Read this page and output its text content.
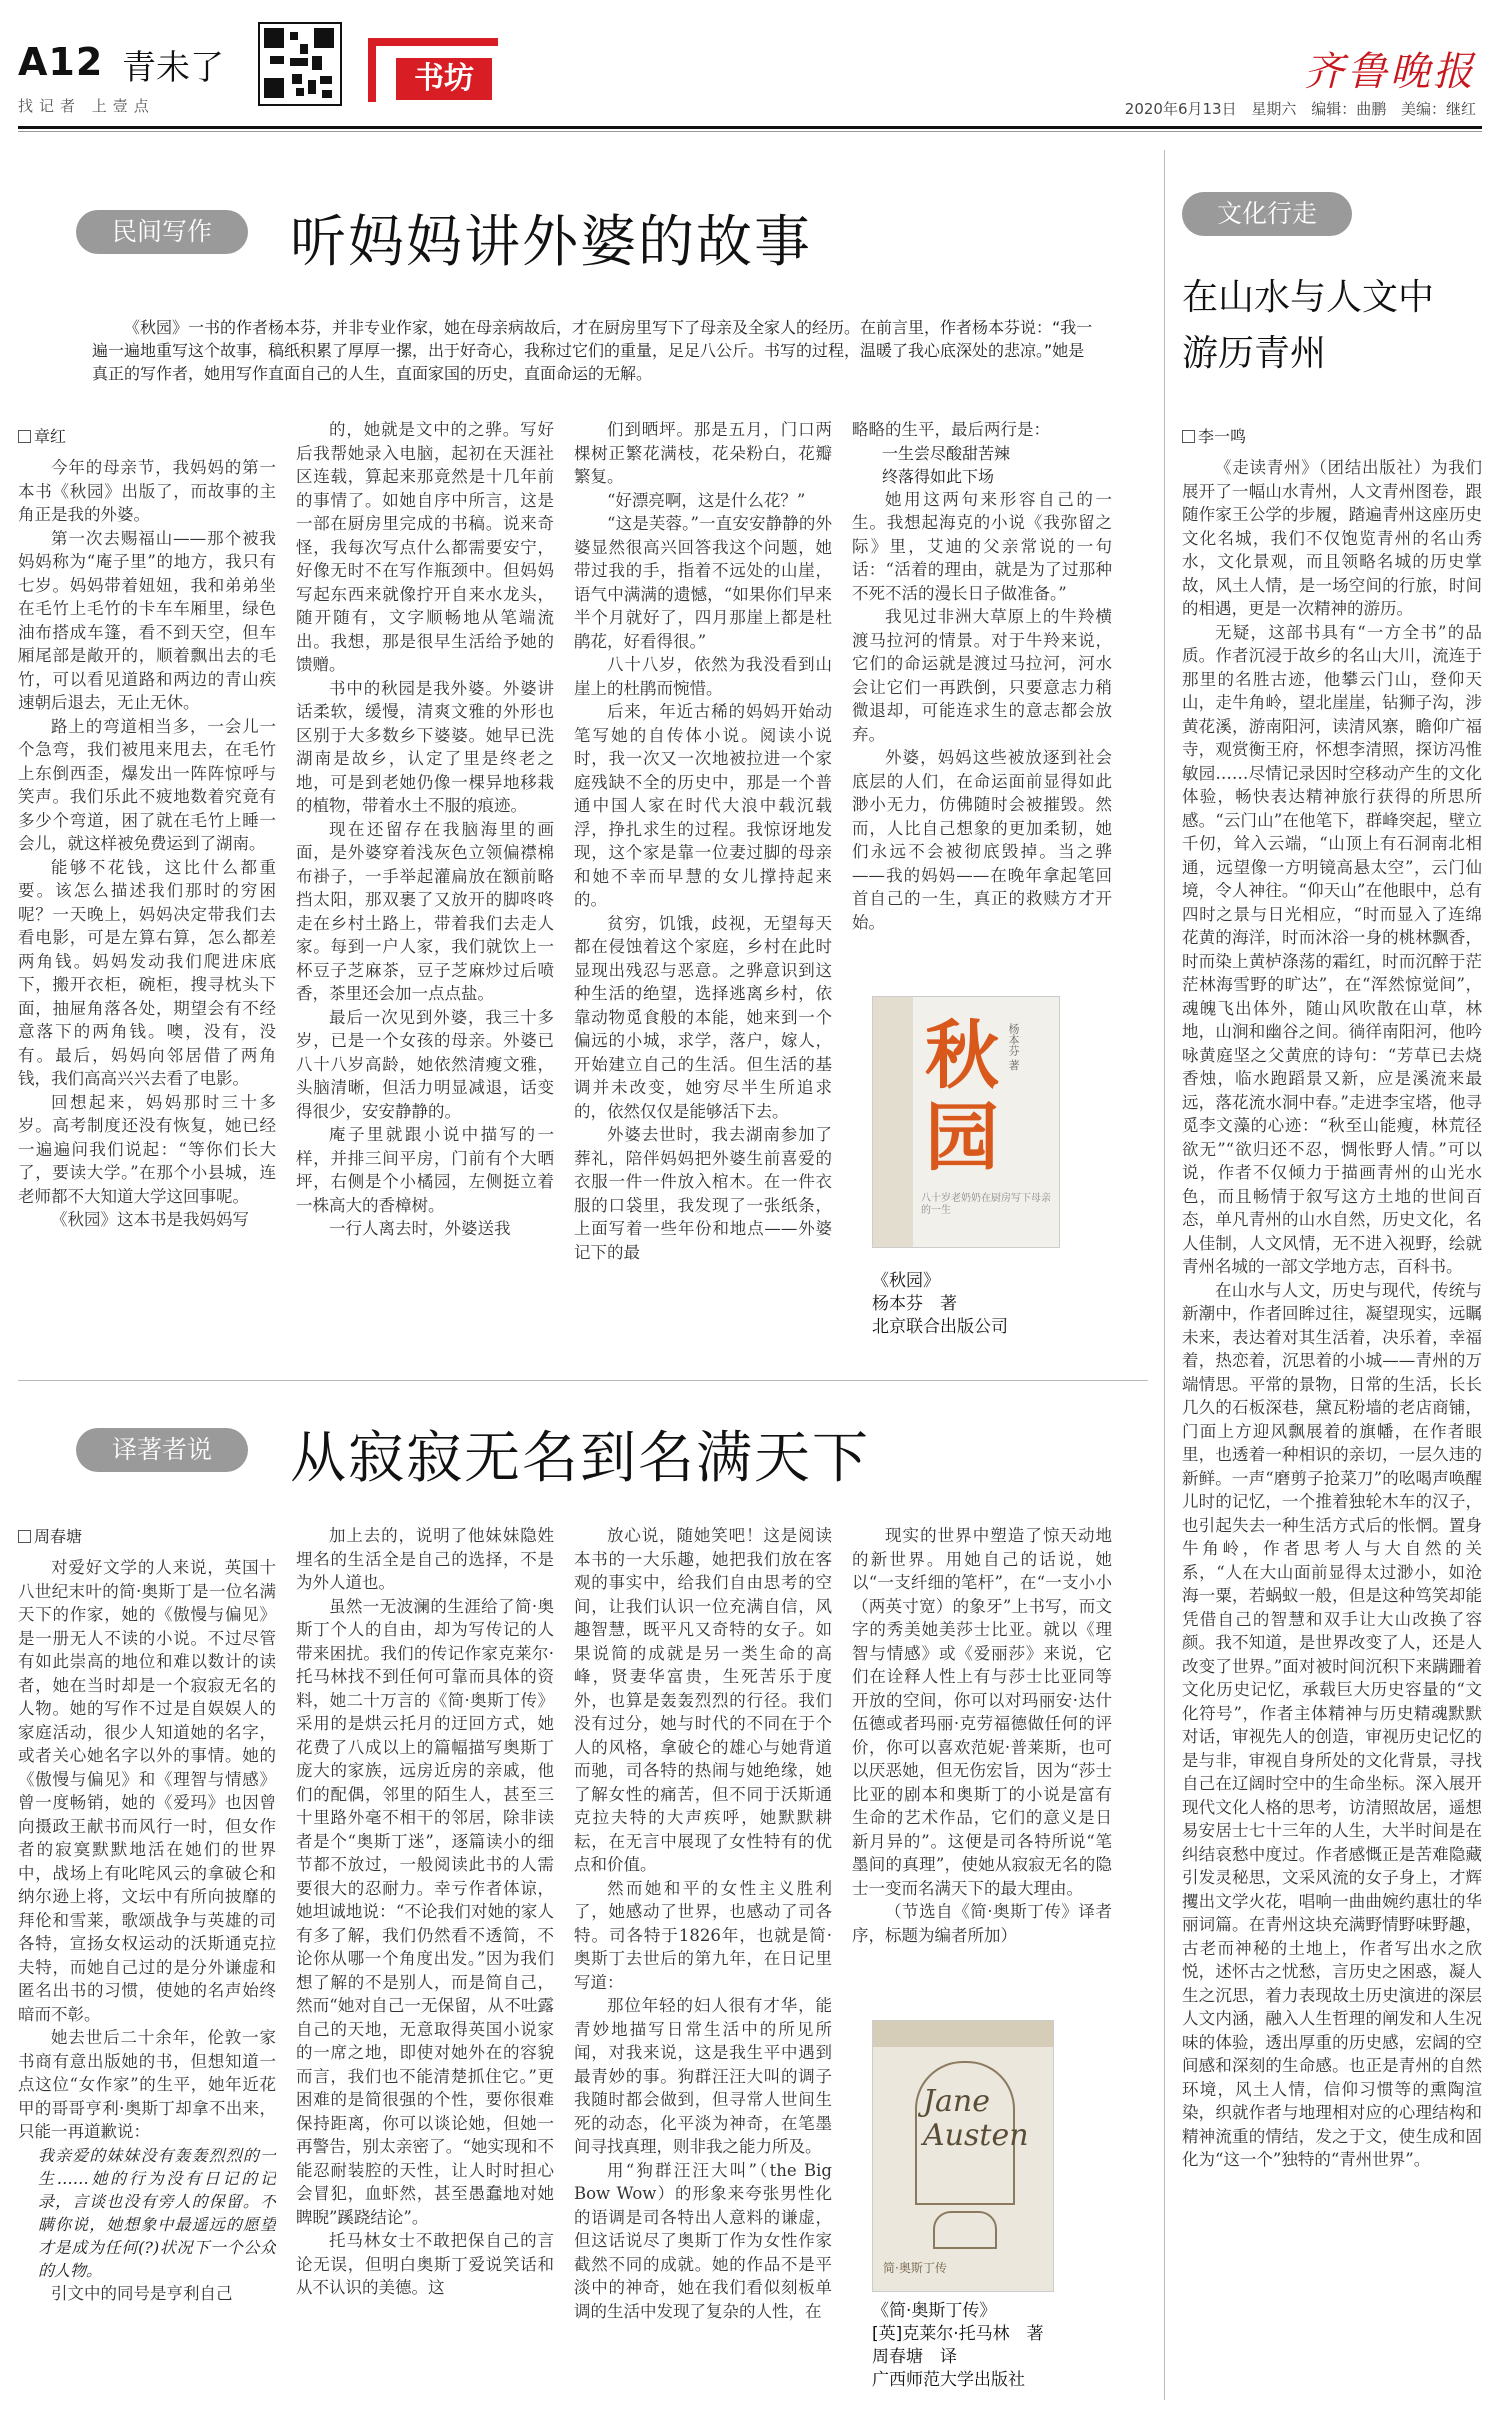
A12 青未了	书坊	齐鲁晚报
找记者 上壹点	2020年6月13日 星期六 编辑：曲鹏 美编：继红
民间写作	听妈妈讲外婆的故事
《秋园》一书的作者杨本芬，并非专业作家，她在母亲病故后，才在厨房里写下了母亲及全家人的经历。在前言里，作者杨本芬说：“我一遍一遍地重写这个故事，稿纸积累了厚厚一摞，出于好奇心，我称过它们的重量，足足八公斤。书写的过程，温暖了我心底深处的悲凉。”她是真正的写作者，她用写作直面自己的人生，直面家国的历史，直面命运的无解。
章红

今年的母亲节，我妈妈的第一本书《秋园》出版了，而故事的主角正是我的外婆。

第一次去赐福山——那个被我妈妈称为“庵子里”的地方，我只有七岁。妈妈带着妞妞，我和弟弟坐在毛竹上毛竹的卡车车厢里，绿色油布搭成车篷，看不到天空，但车厢尾部是敞开的，顺着飘出去的毛竹，可以看见道路和两边的青山疾速朝后退去，无止无休。

路上的弯道相当多，一会儿一个急弯，我们被甩来甩去，在毛竹上东倒西歪，爆发出一阵阵惊呼与笑声。我们乐此不疲地数着究竟有多少个弯道，困了就在毛竹上睡一会儿，就这样被免费运到了湖南。

能够不花钱，这比什么都重要。该怎么描述我们那时的穷困呢？一天晚上，妈妈决定带我们去看电影，可是左算右算，怎么都差两角钱。妈妈发动我们爬进床底下，搬开衣柜，碗柜，搜寻枕头下面，抽屉角落各处，期望会有不经意落下的两角钱。噢，没有，没有。最后，妈妈向邻居借了两角钱，我们高高兴兴去看了电影。

回想起来，妈妈那时三十多岁。高考制度还没有恢复，她已经一遍遍问我们说起：“等你们长大了，要读大学。”在那个小县城，连老师都不大知道大学这回事呢。

《秋园》这本书是我妈妈写

的，她就是文中的之骅。写好后我帮她录入电脑，起初在天涯社区连载，算起来那竟然是十几年前的事情了。如她自序中所言，这是一部在厨房里完成的书稿。说来奇怪，我每次写点什么都需要安宁，好像无时不在写作瓶颈中。但妈妈写起东西来就像拧开自来水龙头，随开随有，文字顺畅地从笔端流出。我想，那是很早生活给予她的馈赠。

书中的秋园是我外婆。外婆讲话柔软，缓慢，清爽文雅的外形也区别于大多数乡下婆婆。她早已洗湖南是故乡，认定了里是终老之地，可是到老她仍像一棵异地移栽的植物，带着水土不服的痕迹。

现在还留存在我脑海里的画面，是外婆穿着浅灰色立领偏襟棉布褂子，一手举起灌扁放在额前略挡太阳，那双裹了又放开的脚咚咚走在乡村土路上，带着我们去走人家。每到一户人家，我们就饮上一杯豆子芝麻茶，豆子芝麻炒过后喷香，茶里还会加一点点盐。

最后一次见到外婆，我三十多岁，已是一个女孩的母亲。外婆已八十八岁高龄，她依然清瘦文雅，头脑清晰，但活力明显减退，话变得很少，安安静静的。

庵子里就跟小说中描写的一样，并排三间平房，门前有个大晒坪，右侧是个小橘园，左侧挺立着一株高大的香樟树。

一行人离去时，外婆送我

们到晒坪。那是五月，门口两棵树正繁花满枝，花朵粉白，花瓣繁复。

“好漂亮啊，这是什么花？”

“这是芙蓉。”一直安安静静的外婆显然很高兴回答我这个问题，她带过我的手，指着不远处的山崖，语气中满满的遗憾，“如果你们早来半个月就好了，四月那崖上都是杜鹃花，好看得很。”

八十八岁，依然为我没看到山崖上的杜鹃而惋惜。

后来，年近古稀的妈妈开始动笔写她的自传体小说。阅读小说时，我一次又一次地被拉进一个家庭残缺不全的历史中，那是一个普通中国人家在时代大浪中载沉载浮，挣扎求生的过程。我惊讶地发现，这个家是靠一位妻过脚的母亲和她不幸而早慧的女儿撑持起来的。

贫穷，饥饿，歧视，无望每天都在侵蚀着这个家庭，乡村在此时显现出残忍与恶意。之骅意识到这种生活的绝望，选择逃离乡村，依靠动物觅食般的本能，她来到一个偏远的小城，求学，落户，嫁人，开始建立自己的生活。但生活的基调并未改变，她穷尽半生所追求的，依然仅仅是能够活下去。

外婆去世时，我去湖南参加了葬礼，陪伴妈妈把外婆生前喜爱的衣服一件一件放入棺木。在一件衣服的口袋里，我发现了一张纸条，上面写着一些年份和地点——外婆记下的最

略略的生平，最后两行是：

一生尝尽酸甜苦辣
终落得如此下场

她用这两句来形容自己的一生。我想起海克的小说《我弥留之际》里，艾迪的父亲常说的一句话：“活着的理由，就是为了过那种不死不活的漫长日子做准备。”

我见过非洲大草原上的牛羚横渡马拉河的情景。对于牛羚来说，它们的命运就是渡过马拉河，河水会让它们一再跌倒，只要意志力稍微退却，可能连求生的意志都会放弃。

外婆，妈妈这些被放逐到社会底层的人们，在命运面前显得如此渺小无力，仿佛随时会被摧毁。然而，人比自己想象的更加柔韧，她们永远不会被彻底毁掉。当之骅——我的妈妈——在晚年拿起笔回首自己的一生，真正的救赎方才开始。

秋园
杨本芬 著
八十岁老奶奶在厨房写下母亲的一生
《秋园》
杨本芬　著
北京联合出版公司
译著者说	从寂寂无名到名满天下
周春塘

对爱好文学的人来说，英国十八世纪末叶的简·奥斯丁是一位名满天下的作家，她的《傲慢与偏见》是一册无人不读的小说。不过尽管有如此崇高的地位和难以数计的读者，她在当时却是一个寂寂无名的人物。她的写作不过是自娱娱人的家庭活动，很少人知道她的名字，或者关心她名字以外的事情。她的《傲慢与偏见》和《理智与情感》曾一度畅销，她的《爱玛》也因曾向摄政王献书而风行一时，但女作者的寂寞默默地活在她们的世界中，战场上有叱咤风云的拿破仑和纳尔逊上将，文坛中有所向披靡的拜伦和雪莱，歌颂战争与英雄的司各特，宣扬女权运动的沃斯通克拉夫特，而她自己过的是分外谦虚和匿名出书的习惯，使她的名声始终暗而不彰。

她去世后二十余年，伦敦一家书商有意出版她的书，但想知道一点这位“女作家”的生平，她年近花甲的哥哥亨利·奥斯丁却拿不出来，只能一再道歉说：

我亲爱的妹妹没有轰轰烈烈的一生……她的行为没有日记的记录，言谈也没有旁人的保留。不瞒你说，她想象中最遥远的愿望才是成为任何(?)状况下一个公众的人物。

引文中的同号是亨利自己

加上去的，说明了他妹妹隐姓埋名的生活全是自己的选择，不是为外人道也。

虽然一无波澜的生涯给了简·奥斯丁个人的自由，却为写传记的人带来困扰。我们的传记作家克莱尔·托马林找不到任何可靠而具体的资料，她二十万言的《简·奥斯丁传》采用的是烘云托月的迂回方式，她花费了八成以上的篇幅描写奥斯丁庞大的家族，远房近房的亲戚，他们的配偶，邻里的陌生人，甚至三十里路外毫不相干的邻居，除非读者是个“奥斯丁迷”，逐篇读小的细节都不放过，一般阅读此书的人需要很大的忍耐力。幸亏作者体谅，她坦诚地说：“不论我们对她的家人有多了解，我们仍然看不透简，不论你从哪一个角度出发。”因为我们想了解的不是别人，而是简自己，然而“她对自己一无保留，从不吐露自己的天地，无意取得英国小说家的一席之地，即使对她外在的容貌而言，我们也不能清楚抓住它。”更困难的是简很强的个性，要你很难保持距离，你可以谈论她，但她一再警告，别太亲密了。“她实现和不能忍耐装腔的天性，让人时时担心会冒犯，血虾然，甚至愚蠢地对她睥睨”蹊跷结论”。

托马林女士不敢把保自己的言论无误，但明白奥斯丁爱说笑话和从不认识的美德。这

放心说，随她笑吧！这是阅读本书的一大乐趣，她把我们放在客观的事实中，给我们自由思考的空间，让我们认识一位充满自信，风趣智慧，既平凡又奇特的女子。如果说简的成就是另一类生命的高峰，贤妻华富贵，生死苦乐于度外，也算是轰轰烈烈的行径。我们没有过分，她与时代的不同在于个人的风格，拿破仑的雄心与她背道而驰，司各特的热闹与她绝缘，她了解女性的痛苦，但不同于沃斯通克拉夫特的大声疾呼，她默默耕耘，在无言中展现了女性特有的优点和价值。

然而她和平的女性主义胜利了，她感动了世界，也感动了司各特。司各特于1826年，也就是简·奥斯丁去世后的第九年，在日记里写道：

那位年轻的妇人很有才华，能青妙地描写日常生活中的所见所闻，对我来说，这是我生平中遇到最青妙的事。狗群汪汪大叫的调子我随时都会做到，但寻常人世间生死的动态，化平淡为神奇，在笔墨间寻找真理，则非我之能力所及。

用“狗群汪汪大叫”（the Big Bow Wow）的形象来夸张男性化的语调是司各特出人意料的谦虚，但这话说尽了奥斯丁作为女性作家截然不同的成就。她的作品不是平淡中的神奇，她在我们看似刻板单调的生活中发现了复杂的人性，在

现实的世界中塑造了惊天动地的新世界。用她自己的话说，她以“一支纤细的笔杆”，在“一支小小（两英寸宽）的象牙”上书写，而文字的秀美她美莎士比亚。就以《理智与情感》或《爱丽莎》来说，它们在诠释人性上有与莎士比亚同等开放的空间，你可以对玛丽安·达什伍德或者玛丽·克劳福德做任何的评价，你可以喜欢范妮·普莱斯，也可以厌恶她，但无伤宏旨，因为“莎士比亚的剧本和奥斯丁的小说是富有生命的艺术作品，它们的意义是日新月异的”。这便是司各特所说“笔墨间的真理”，使她从寂寂无名的隐士一变而名满天下的最大理由。

（节选自《简·奥斯丁传》译者序，标题为编者所加）

Jane Austen
简·奥斯丁传
《简·奥斯丁传》
[英]克莱尔·托马林　著
周春塘　译
广西师范大学出版社
文化行走
在山水与人文中
游历青州
李一鸣

《走读青州》（团结出版社）为我们展开了一幅山水青州，人文青州图卷，跟随作家王公学的步履，踏遍青州这座历史文化名城，我们不仅饱览青州的名山秀水，文化景观，而且领略名城的历史掌故，风土人情，是一场空间的行旅，时间的相遇，更是一次精神的游历。

无疑，这部书具有“一方全书”的品质。作者沉浸于故乡的名山大川，流连于那里的名胜古迹，他攀云门山，登仰天山，走牛角岭，望北崖崖，钻狮子沟，涉黄花溪，游南阳河，读清风寨，瞻仰广福寺，观赏衡王府，怀想李清照，探访冯惟敏园……尽情记录因时空移动产生的文化体验，畅快表达精神旅行获得的所思所感。“云门山”在他笔下，群峰突起，壁立千仞，耸入云端，“山顶上有石洞南北相通，远望像一方明镜高悬太空”，云门仙境，令人神往。“仰天山”在他眼中，总有四时之景与日光相应，“时而显入了连绵花黄的海洋，时而沐浴一身的桃林飘香，时而染上黄栌涤荡的霜红，时而沉醉于茫茫林海雪野的旷达”，在“浑然惊觉间”，魂魄飞出体外，随山风吹散在山草，林地，山涧和幽谷之间。徜徉南阳河，他吟咏黄庭坚之父黄庶的诗句：“芳草已去烧香烛，临水跑蹈景又新，应是溪流来最远，落花流水洞中春。”走进李宝塔，他寻觅李文藻的心迹：“秋至山能瘦，林荒径欲无”“欲归还不忍，惆怅野人情。”可以说，作者不仅倾力于描画青州的山光水色，而且畅情于叙写这方土地的世间百态，单凡青州的山水自然，历史文化，名人佳制，人文风情，无不进入视野，绘就青州名城的一部文学地方志，百科书。

在山水与人文，历史与现代，传统与新潮中，作者回眸过往，凝望现实，远瞩未来，表达着对其生活着，决乐着，幸福着，热恋着，沉思着的小城——青州的万端情思。平常的景物，日常的生活，长长几久的石板深巷，黛瓦粉墙的老店商铺，门面上方迎风飘展着的旗幡，在作者眼里，也透着一种相识的亲切，一层久违的新鲜。一声“磨剪子抢菜刀”的吆喝声唤醒儿时的记忆，一个推着独轮木车的汉子，也引起失去一种生活方式后的怅惘。置身牛角岭，作者思考人与大自然的关系，“人在大山面前显得太过渺小，如沧海一粟，若蜗蚁一般，但是这种笃笑却能凭借自己的智慧和双手让大山改换了容颜。我不知道，是世界改变了人，还是人改变了世界。”面对被时间沉积下来蹒跚着文化历史记忆，承载巨大历史容量的“文化符号”，作者主体精神与历史精魂默默对话，审视先人的创造，审视历史记忆的是与非，审视自身所处的文化背景，寻找自己在辽阔时空中的生命坐标。深入展开现代文化人格的思考，访清照故居，遥想易安居士七十三年的人生，大半时间是在纠结哀愁中度过。作者感慨正是苦难隐藏引发灵秘思，文采风流的女子身上，才辉攫出文学火花，唱响一曲曲婉约惠壮的华丽词篇。在青州这块充满野情野味野趣，古老而神秘的土地上，作者写出水之欣悦，述怀古之忧愁，言历史之困惑，凝人生之沉思，着力表现故土历史演进的深层人文内涵，融入人生哲理的阐发和人生况味的体验，透出厚重的历史感，宏阔的空间感和深刻的生命感。也正是青州的自然环境，风土人情，信仰习惯等的熏陶渲染，织就作者与地理相对应的心理结构和精神流重的情结，发之于文，使生成和固化为“这一个”独特的“青州世界”。
